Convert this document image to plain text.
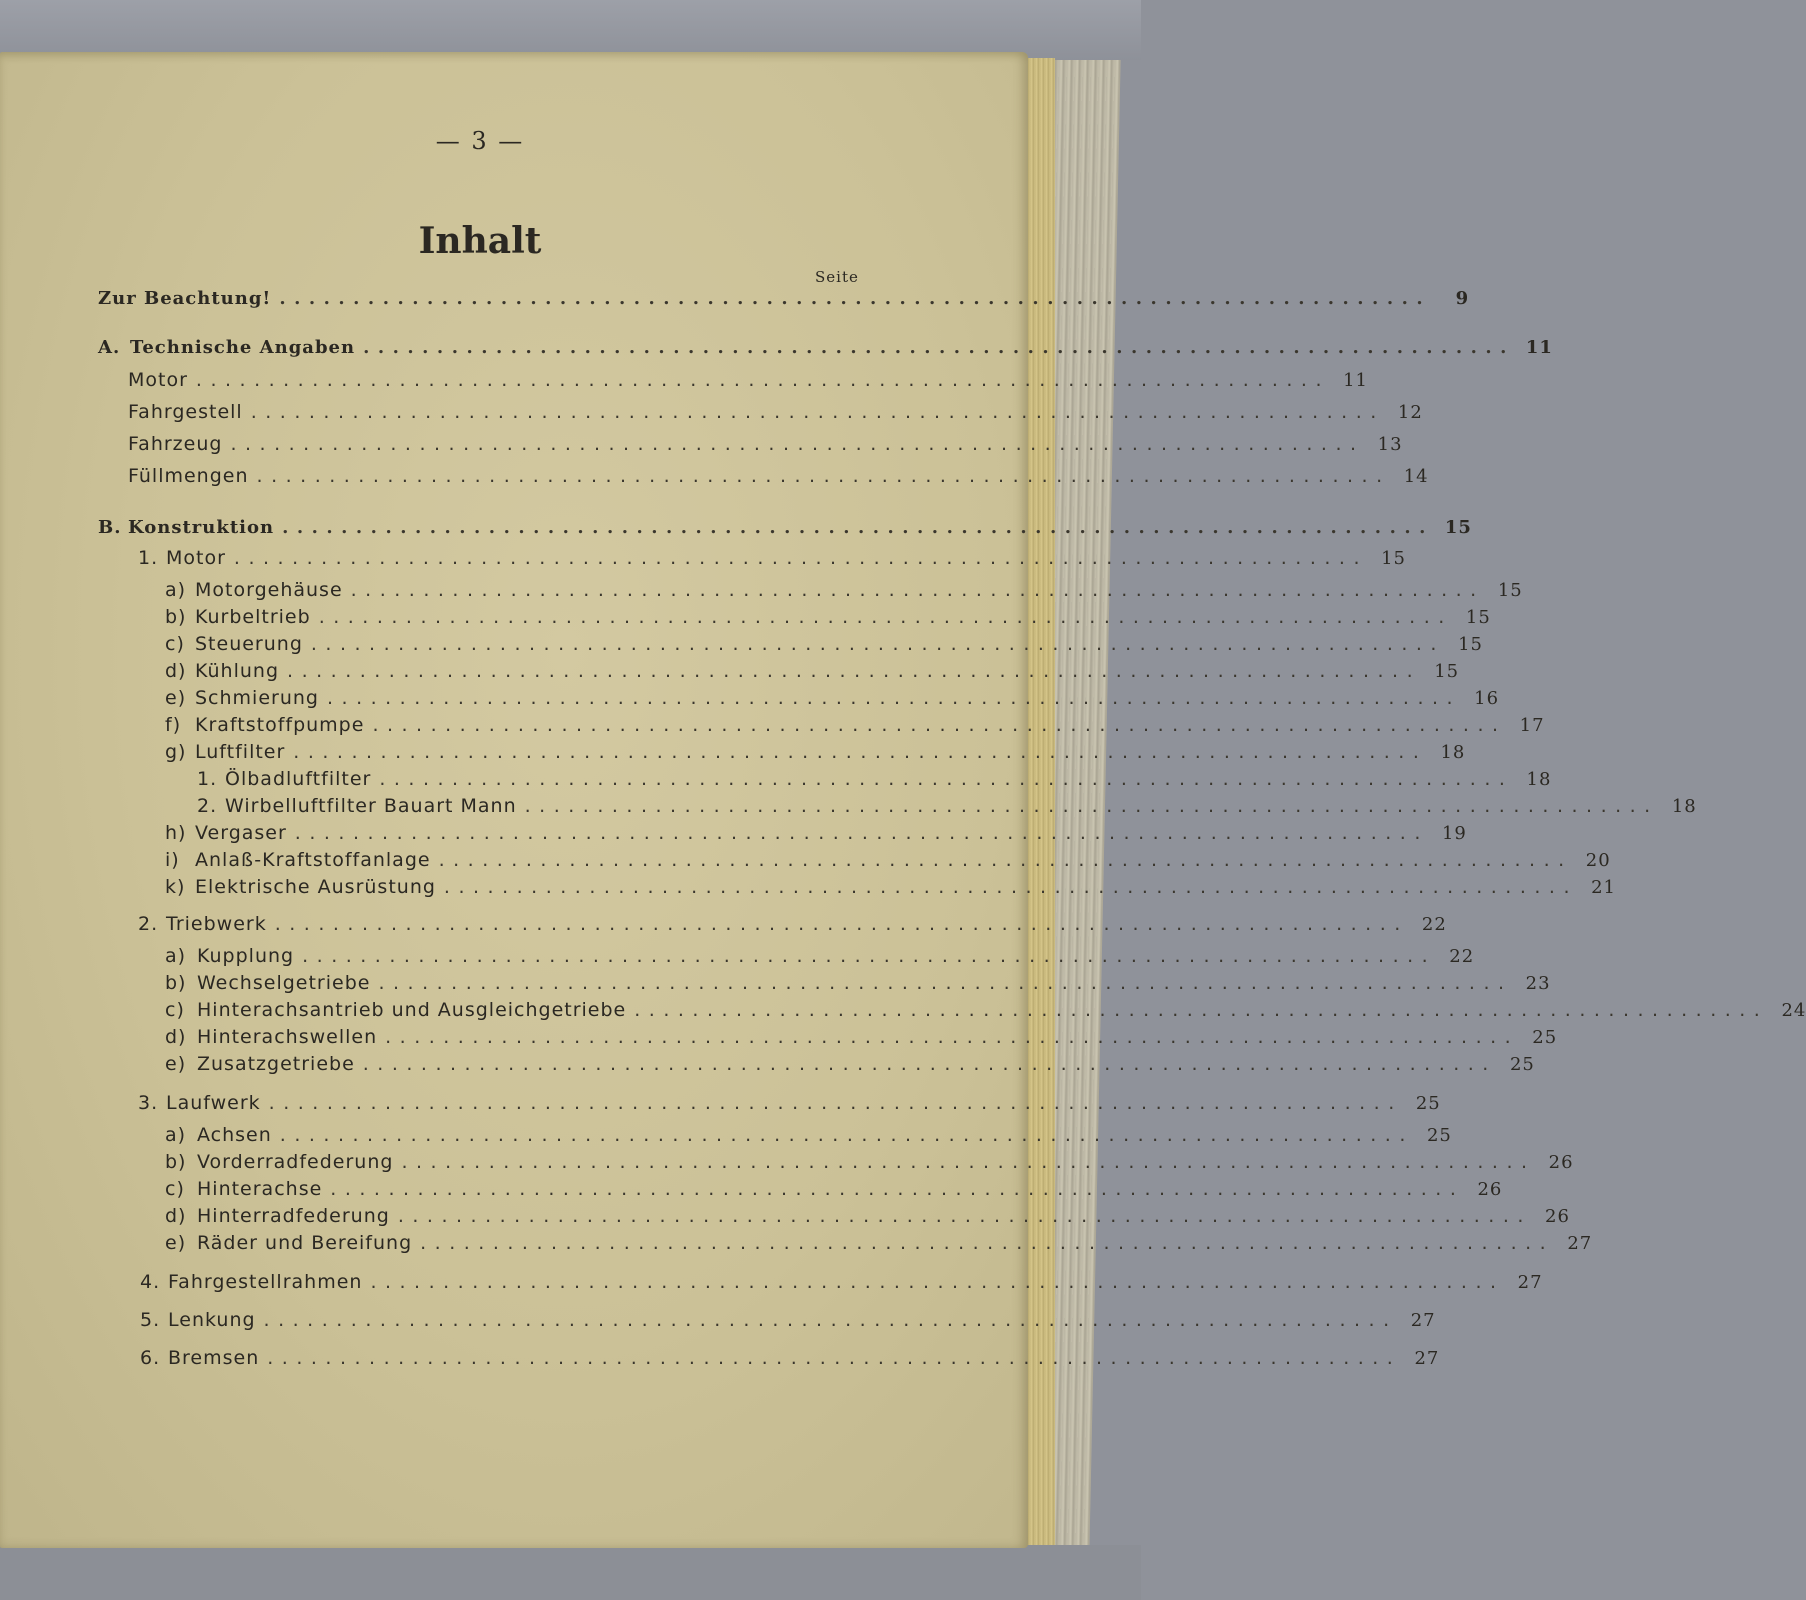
— 3 —
Inhalt
Seite
Zur Beachtung! ..............................................................................	9
A. Technische Angaben .............................................................................. 11
Motor .............................................................................. 11
Fahrgestell .............................................................................. 12
Fahrzeug .............................................................................. 13
Füllmengen .............................................................................. 14
B. Konstruktion .............................................................................. 15
1. Motor .............................................................................. 15
a) Motorgehäuse .............................................................................. 15
b) Kurbeltrieb .............................................................................. 15
c) Steuerung .............................................................................. 15
d) Kühlung .............................................................................. 15
e) Schmierung .............................................................................. 16
f) Kraftstoffpumpe .............................................................................. 17
g) Luftfilter .............................................................................. 18
1. Ölbadluftfilter .............................................................................. 18
2. Wirbelluftfilter Bauart Mann .............................................................................. 18
h) Vergaser .............................................................................. 19
i) Anlaß-Kraftstoffanlage .............................................................................. 20
k) Elektrische Ausrüstung .............................................................................. 21
2. Triebwerk .............................................................................. 22
a) Kupplung .............................................................................. 22
b) Wechselgetriebe .............................................................................. 23
c) Hinterachsantrieb und Ausgleichgetriebe .............................................................................. 24
d) Hinterachswellen .............................................................................. 25
e) Zusatzgetriebe .............................................................................. 25
3. Laufwerk .............................................................................. 25
a) Achsen .............................................................................. 25
b) Vorderradfederung .............................................................................. 26
c) Hinterachse .............................................................................. 26
d) Hinterradfederung .............................................................................. 26
e) Räder und Bereifung .............................................................................. 27
4. Fahrgestellrahmen .............................................................................. 27
5. Lenkung .............................................................................. 27
6. Bremsen .............................................................................. 27
